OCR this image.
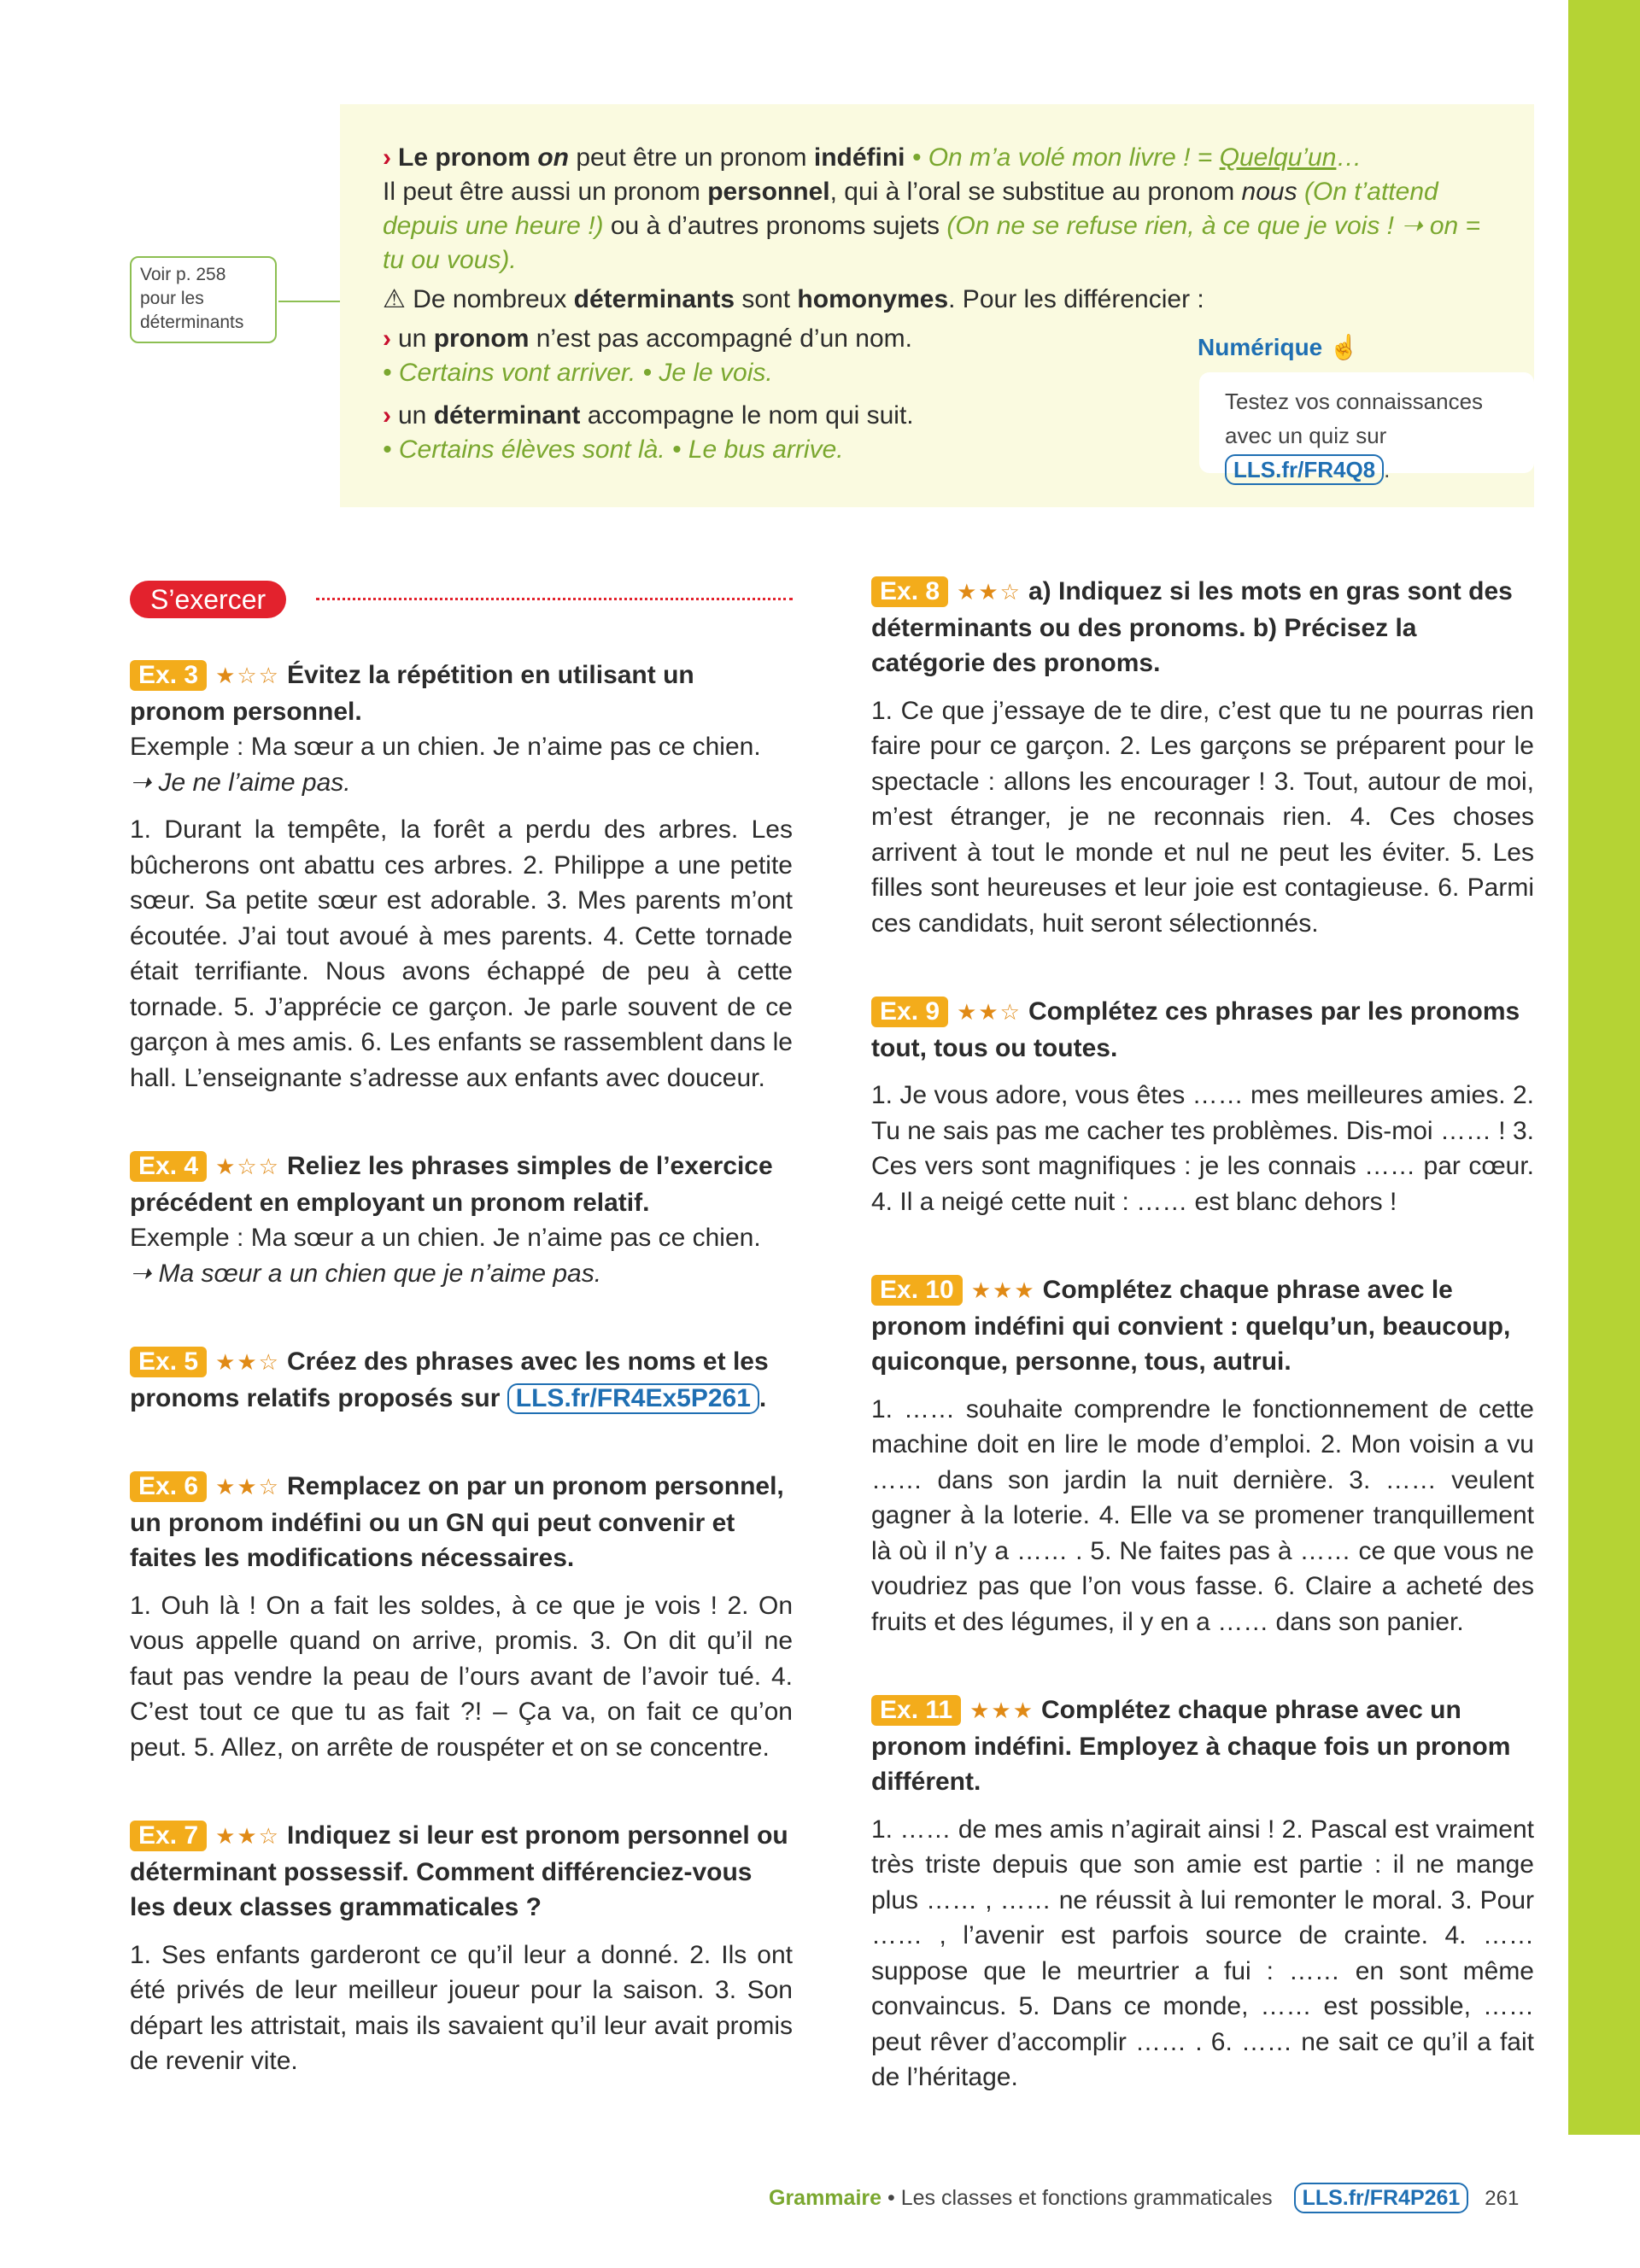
Voir p. 258 pour les déterminants

› Le pronom on peut être un pronom indéfini • On m’a volé mon livre ! = Quelqu’un…

Il peut être aussi un pronom personnel, qui à l’oral se substitue au pronom nous (On t’attend depuis une heure !) ou à d’autres pronoms sujets (On ne se refuse rien, à ce que je vois ! ➝ on = tu ou vous).

⚠ De nombreux déterminants sont homonymes. Pour les différencier :

› un pronom n’est pas accompagné d’un nom.

• Certains vont arriver. • Je le vois.

› un déterminant accompagne le nom qui suit.

• Certains élèves sont là. • Le bus arrive.

Numérique ☝
Testez vos connaissances avec un quiz sur LLS.fr/FR4Q8 .
S’exercer

Ex. 3 ★☆☆ Évitez la répétition en utilisant un pronom personnel.

Exemple : Ma sœur a un chien. Je n’aime pas ce chien.

➝ Je ne l’aime pas.

1. Durant la tempête, la forêt a perdu des arbres. Les bûcherons ont abattu ces arbres. 2. Philippe a une petite sœur. Sa petite sœur est adorable. 3. Mes parents m’ont écoutée. J’ai tout avoué à mes parents. 4. Cette tornade était terrifiante. Nous avons échappé de peu à cette tornade. 5. J’apprécie ce garçon. Je parle souvent de ce garçon à mes amis. 6. Les enfants se rassemblent dans le hall. L’enseignante s’adresse aux enfants avec douceur.

Ex. 4 ★☆☆ Reliez les phrases simples de l’exercice précédent en employant un pronom relatif.

Exemple : Ma sœur a un chien. Je n’aime pas ce chien.

➝ Ma sœur a un chien que je n’aime pas.

Ex. 5 ★★☆ Créez des phrases avec les noms et les pronoms relatifs proposés sur LLS.fr/FR4Ex5P261 .

Ex. 6 ★★☆ Remplacez on par un pronom personnel, un pronom indéfini ou un GN qui peut convenir et faites les modifications nécessaires.

1. Ouh là ! On a fait les soldes, à ce que je vois ! 2. On vous appelle quand on arrive, promis. 3. On dit qu’il ne faut pas vendre la peau de l’ours avant de l’avoir tué. 4. C’est tout ce que tu as fait ?! – Ça va, on fait ce qu’on peut. 5. Allez, on arrête de rouspéter et on se concentre.

Ex. 7 ★★☆ Indiquez si leur est pronom personnel ou déterminant possessif. Comment différenciez-vous les deux classes grammaticales ?

1. Ses enfants garderont ce qu’il leur a donné. 2. Ils ont été privés de leur meilleur joueur pour la saison. 3. Son départ les attristait, mais ils savaient qu’il leur avait promis de revenir vite.

Ex. 8 ★★☆ a) Indiquez si les mots en gras sont des déterminants ou des pronoms. b) Précisez la catégorie des pronoms.

1. Ce que j’essaye de te dire, c’est que tu ne pourras rien faire pour ce garçon. 2. Les garçons se préparent pour le spectacle : allons les encourager ! 3. Tout, autour de moi, m’est étranger, je ne reconnais rien. 4. Ces choses arrivent à tout le monde et nul ne peut les éviter. 5. Les filles sont heureuses et leur joie est contagieuse. 6. Parmi ces candidats, huit seront sélectionnés.

Ex. 9 ★★☆ Complétez ces phrases par les pronoms tout, tous ou toutes.

1. Je vous adore, vous êtes …… mes meilleures amies. 2. Tu ne sais pas me cacher tes problèmes. Dis-moi …… ! 3. Ces vers sont magnifiques : je les connais …… par cœur. 4. Il a neigé cette nuit : …… est blanc dehors !

Ex. 10 ★★★ Complétez chaque phrase avec le pronom indéfini qui convient : quelqu’un, beaucoup, quiconque, personne, tous, autrui.

1. …… souhaite comprendre le fonctionnement de cette machine doit en lire le mode d’emploi. 2. Mon voisin a vu …… dans son jardin la nuit dernière. 3. …… veulent gagner à la loterie. 4. Elle va se promener tranquillement là où il n’y a …… . 5. Ne faites pas à …… ce que vous ne voudriez pas que l’on vous fasse. 6. Claire a acheté des fruits et des légumes, il y en a …… dans son panier.

Ex. 11 ★★★ Complétez chaque phrase avec un pronom indéfini. Employez à chaque fois un pronom différent.

1. …… de mes amis n’agirait ainsi ! 2. Pascal est vraiment très triste depuis que son amie est partie : il ne mange plus …… , …… ne réussit à lui remonter le moral. 3. Pour …… , l’avenir est parfois source de crainte. 4. …… suppose que le meurtrier a fui : …… en sont même convaincus. 5. Dans ce monde, …… est possible, …… peut rêver d’accomplir …… . 6. …… ne sait ce qu’il a fait de l’héritage.

Grammaire • Les classes et fonctions grammaticales LLS.fr/FR4P261 261
